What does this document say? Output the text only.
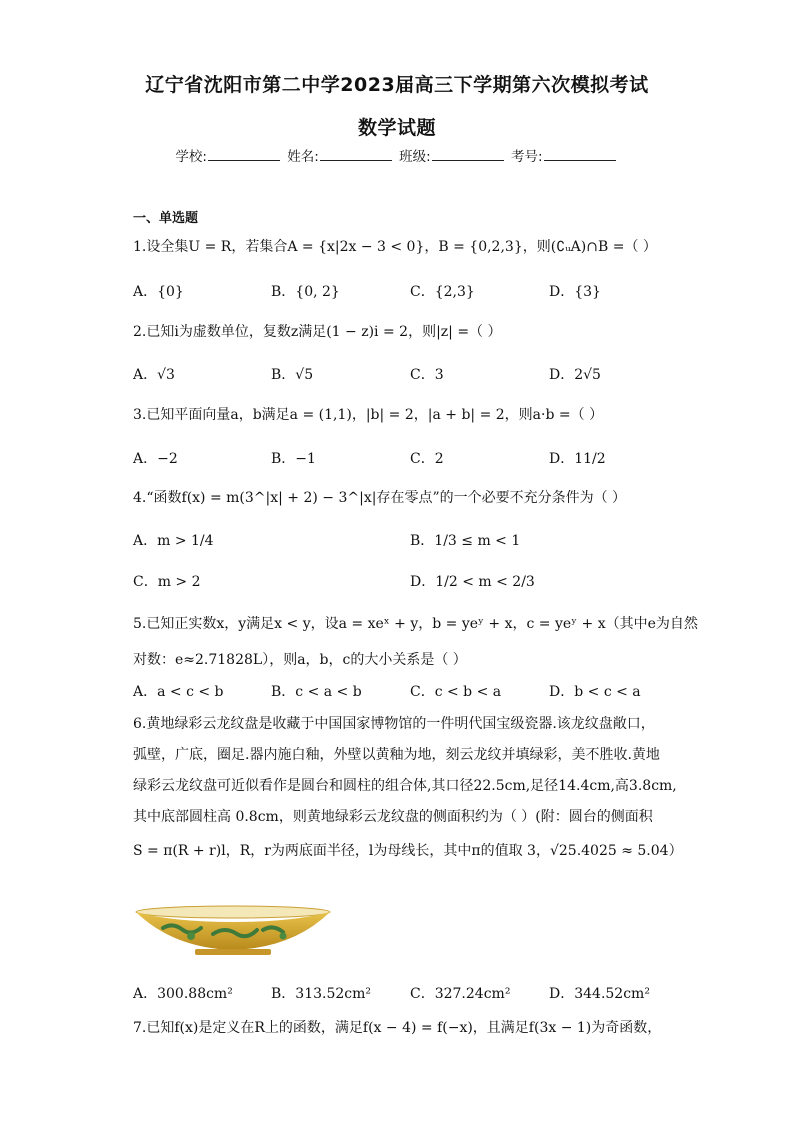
辽宁省沈阳市第二中学2023届高三下学期第六次模拟考试
数学试题
学校:	姓名:	班级:	考号:
一、单选题
1.设全集U = R，若集合A = {x|2x − 3 < 0}，B = {0,2,3}，则(∁ᵤA)∩B =（ ）
A．{0}	B．{0, 2}	C．{2,3}	D．{3}
2.已知i为虚数单位，复数z满足(1 − z)i = 2，则|z| =（ ）
A．√3	B．√5	C．3	D．2√5
3.已知平面向量a，b满足a = (1,1)，|b| = 2，|a + b| = 2，则a·b =（ ）
A．−2	B．−1	C．2	D．11/2
4.“函数f(x) = m(3^|x| + 2) − 3^|x|存在零点”的一个必要不充分条件为（ ）
A．m > 1/4	B．1/3 ≤ m < 1
C．m > 2	D．1/2 < m < 2/3
5.已知正实数x，y满足x < y，设a = xeˣ + y，b = yeʸ + x，c = yeʸ + x（其中e为自然
对数：e≈2.71828L），则a，b，c的大小关系是（ ）
A．a < c < b	B．c < a < b	C．c < b < a	D．b < c < a
6.黄地绿彩云龙纹盘是收藏于中国国家博物馆的一件明代国宝级瓷器.该龙纹盘敞口，
弧壁，广底，圈足.器内施白釉，外壁以黄釉为地，刻云龙纹并填绿彩，美不胜收.黄地
绿彩云龙纹盘可近似看作是圆台和圆柱的组合体,其口径22.5cm,足径14.4cm,高3.8cm,
其中底部圆柱高 0.8cm，则黄地绿彩云龙纹盘的侧面积约为（ ）(附：圆台的侧面积
S = π(R + r)l，R，r为两底面半径，l为母线长，其中π的值取 3，√25.4025 ≈ 5.04）
A．300.88cm²	B．313.52cm²	C．327.24cm²	D．344.52cm²
7.已知f(x)是定义在R上的函数，满足f(x − 4) = f(−x)，且满足f(3x − 1)为奇函数，
